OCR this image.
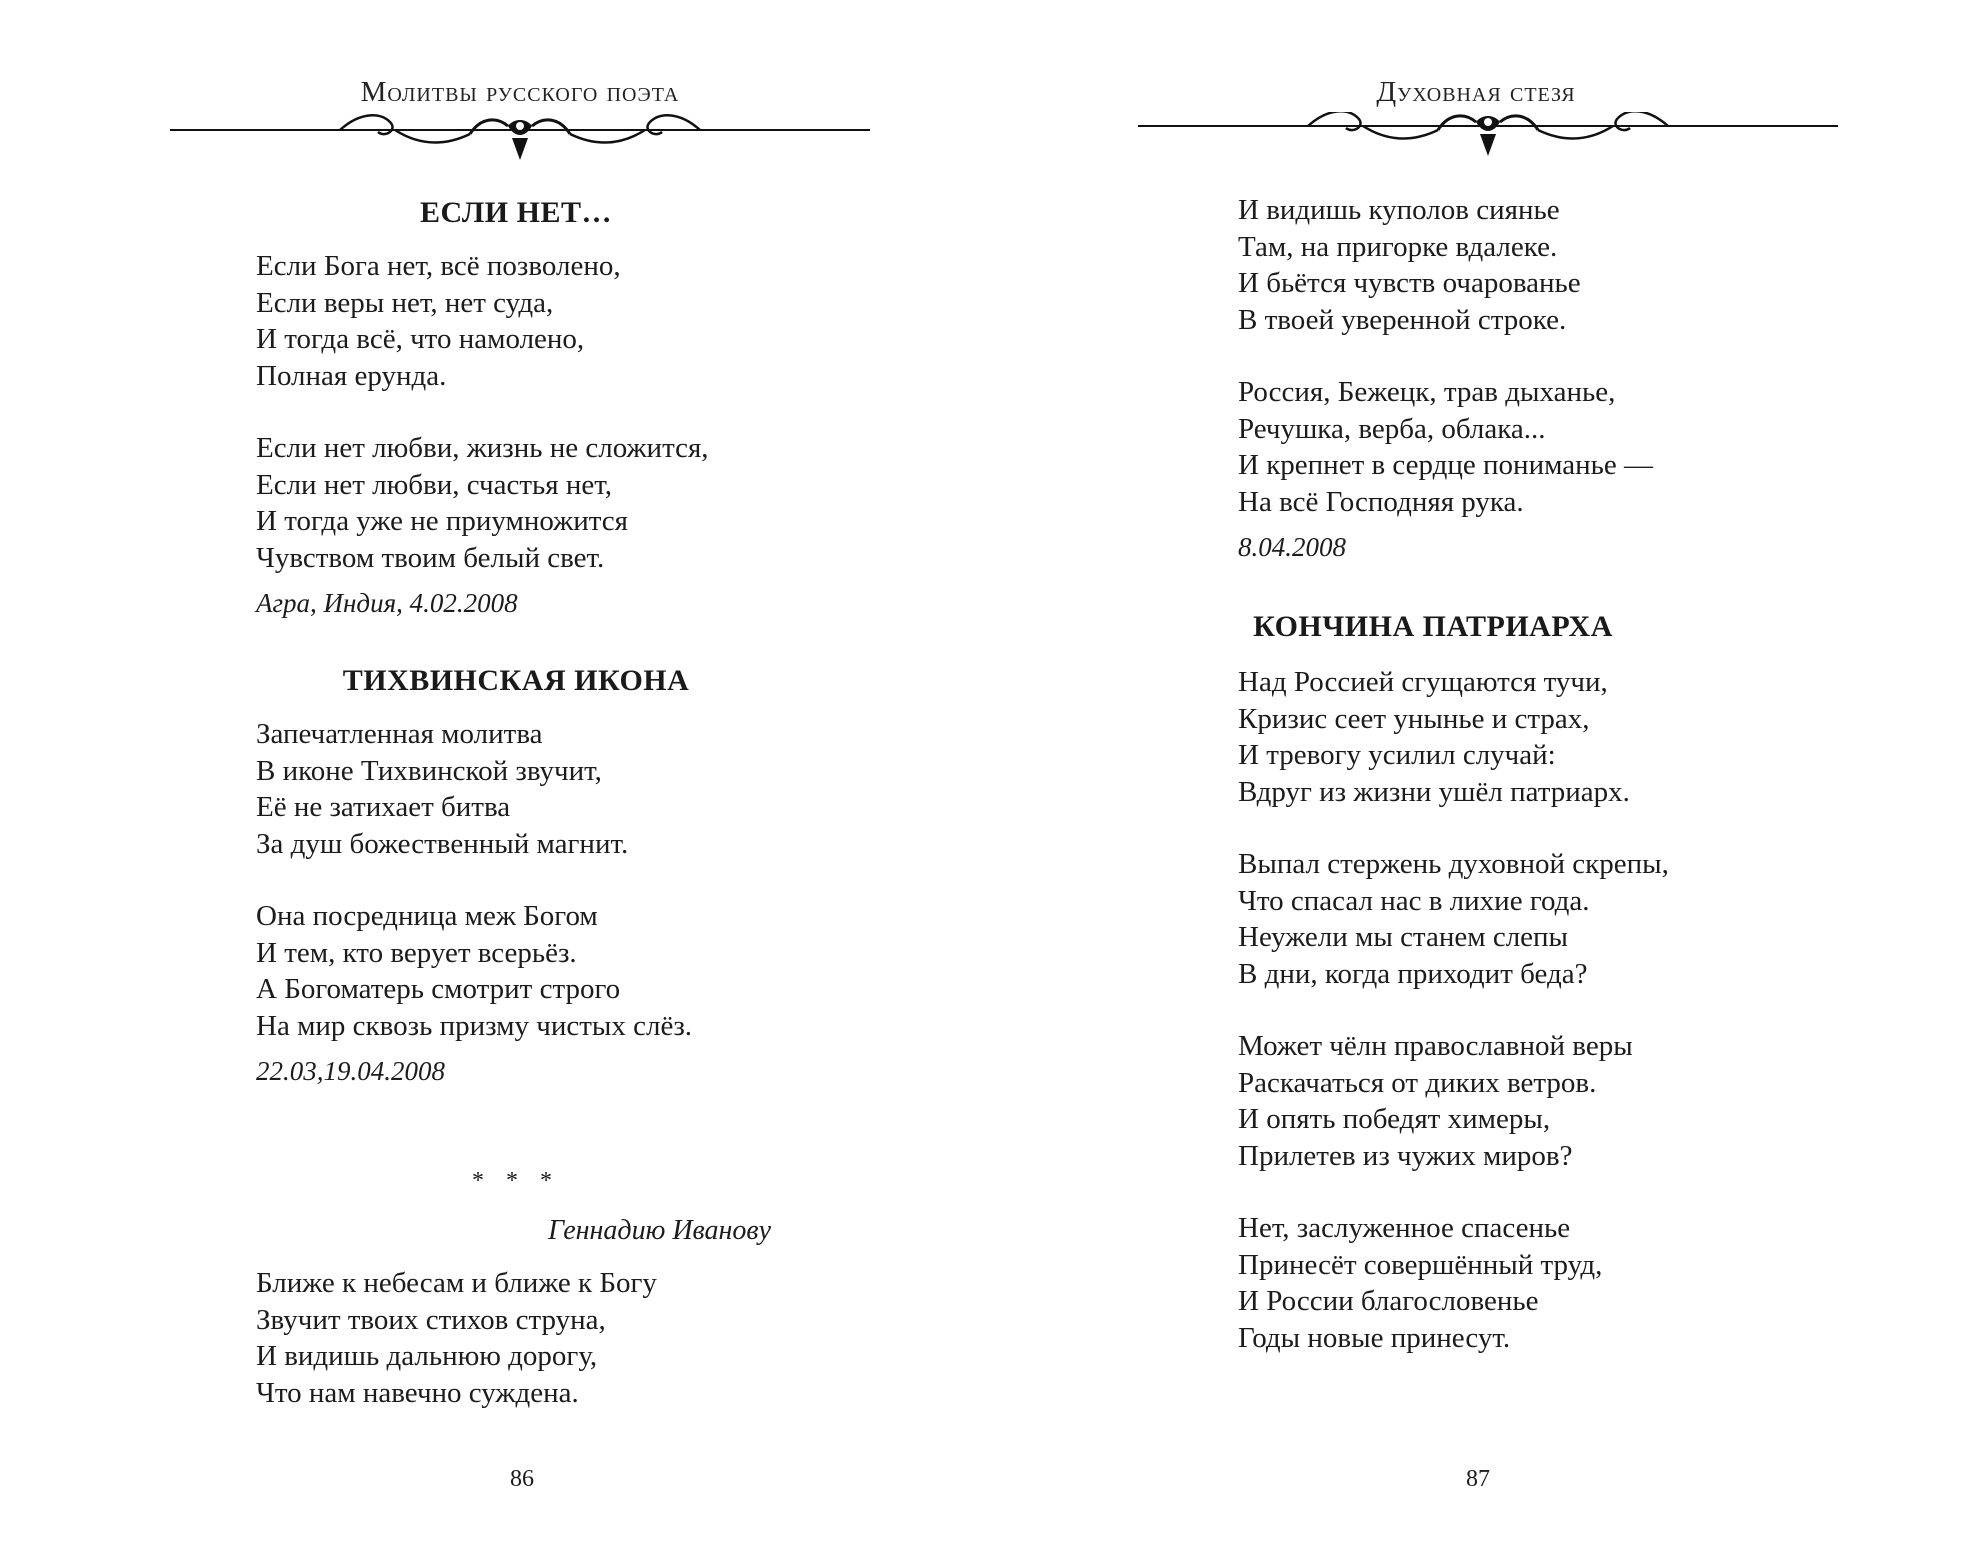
Молитвы русского поэта
ЕСЛИ НЕТ…
Если Бога нет, всё позволено,
Если веры нет, нет суда,
И тогда всё, что намолено,
Полная ерунда.
Если нет любви, жизнь не сложится,
Если нет любви, счастья нет,
И тогда уже не приумножится
Чувством твоим белый свет.
Агра, Индия, 4.02.2008
ТИХВИНСКАЯ ИКОНА
Запечатленная молитва
В иконе Тихвинской звучит,
Её не затихает битва
За душ божественный магнит.
Она посредница меж Богом
И тем, кто верует всерьёз.
А Богоматерь смотрит строго
На мир сквозь призму чистых слёз.
22.03,19.04.2008
* * *
Геннадию Иванову
Ближе к небесам и ближе к Богу
Звучит твоих стихов струна,
И видишь дальнюю дорогу,
Что нам навечно суждена.
86
Духовная стезя
И видишь куполов сиянье
Там, на пригорке вдалеке.
И бьётся чувств очарованье
В твоей уверенной строке.
Россия, Бежецк, трав дыханье,
Речушка, верба, облака...
И крепнет в сердце пониманье —
На всё Господняя рука.
8.04.2008
КОНЧИНА ПАТРИАРХА
Над Россией сгущаются тучи,
Кризис сеет уныньe и страх,
И тревогу усилил случай:
Вдруг из жизни ушёл патриарх.
Выпал стержень духовной скрепы,
Что спасал нас в лихие года.
Неужели мы станем слепы
В дни, когда приходит беда?
Может чёлн православной веры
Раскачаться от диких ветров.
И опять победят химеры,
Прилетев из чужих миров?
Нет, заслуженное спасенье
Принесёт совершённый труд,
И России благословенье
Годы новые принесут.
87
